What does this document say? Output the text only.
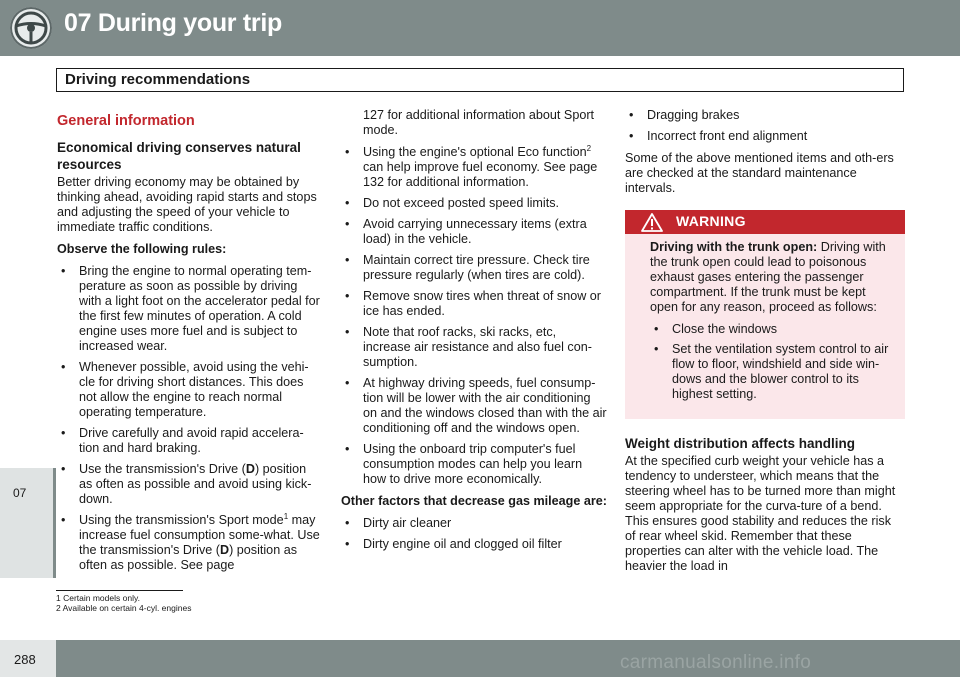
07 During your trip
Driving recommendations
07
General information
Economical driving conserves natural resources

Better driving economy may be obtained by thinking ahead, avoiding rapid starts and stops and adjusting the speed of your vehicle to immediate traffic conditions.

Observe the following rules:
• Bring the engine to normal operating tem-perature as soon as possible by driving with a light foot on the accelerator pedal for the first few minutes of operation. A cold engine uses more fuel and is subject to increased wear.
• Whenever possible, avoid using the vehi-cle for driving short distances. This does not allow the engine to reach normal operating temperature.
• Drive carefully and avoid rapid accelera-tion and hard braking.
• Use the transmission's Drive (D) position as often as possible and avoid using kick-down.
• Using the transmission's Sport mode$^1$ may increase fuel consumption some-what. Use the transmission's Drive (D) position as often as possible. See page

127 for additional information about Sport mode.

• Using the engine's optional Eco function$^2$ can help improve fuel economy. See page 132 for additional information.
• Do not exceed posted speed limits.
• Avoid carrying unnecessary items (extra load) in the vehicle.
• Maintain correct tire pressure. Check tire pressure regularly (when tires are cold).
• Remove snow tires when threat of snow or ice has ended.
• Note that roof racks, ski racks, etc, increase air resistance and also fuel con-sumption.
• At highway driving speeds, fuel consump-tion will be lower with the air conditioning on and the windows closed than with the air conditioning off and the windows open.
• Using the onboard trip computer's fuel consumption modes can help you learn how to drive more economically.
Other factors that decrease gas mileage are:
• Dirty air cleaner
• Dirty engine oil and clogged oil filter
• Dragging brakes
• Incorrect front end alignment

Some of the above mentioned items and oth-ers are checked at the standard maintenance intervals.

WARNING

Driving with the trunk open: Driving with the trunk open could lead to poisonous exhaust gases entering the passenger compartment. If the trunk must be kept open for any reason, proceed as follows:

• Close the windows
• Set the ventilation system control to air flow to floor, windshield and side win-dows and the blower control to its highest setting.
Weight distribution affects handling

At the specified curb weight your vehicle has a tendency to understeer, which means that the steering wheel has to be turned more than might seem appropriate for the curva-ture of a bend. This ensures good stability and reduces the risk of rear wheel skid. Remember that these properties can alter with the vehicle load. The heavier the load in

1 Certain models only.
2 Available on certain 4-cyl. engines
288	carmanualsonline.info
